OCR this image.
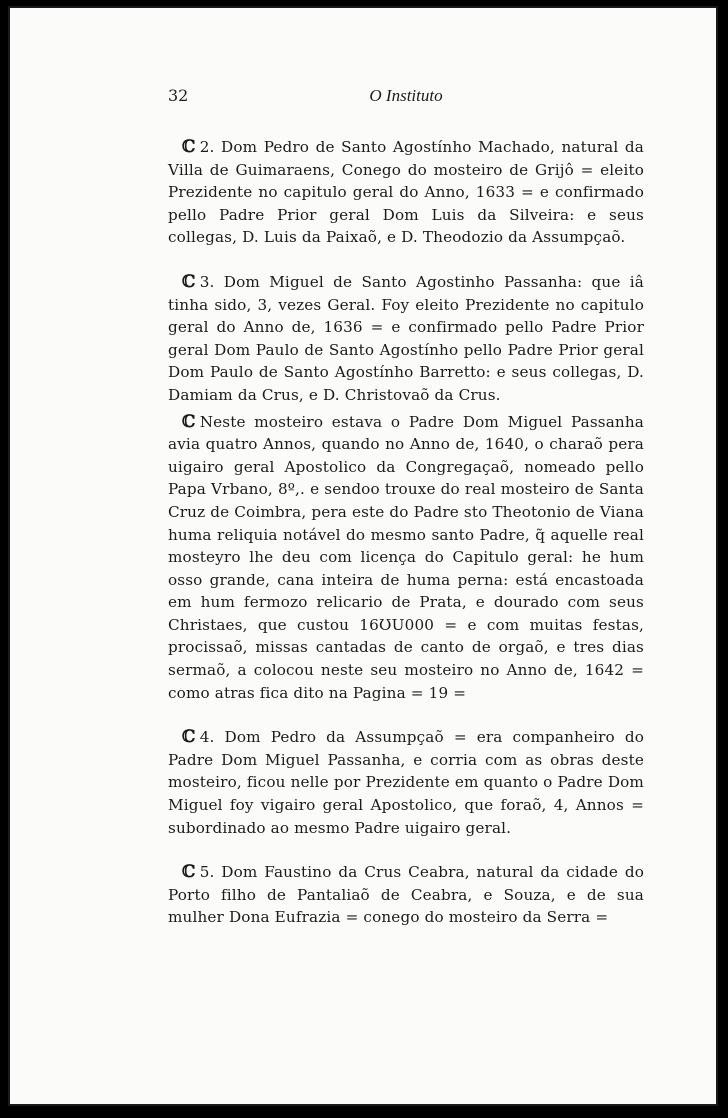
32	O Instituto

ℂ 2. Dom Pedro de Santo Agostínho Machado, natural da Villa de Guimaraens, Conego do mosteiro de Grijô = eleito Prezidente no capitulo geral do Anno, 1633 = e confirmado pello Padre Prior geral Dom Luis da Silveira: e seus collegas, D. Luis da Paixaõ, e D. Theodozio da Assumpçaõ.

ℂ 3. Dom Miguel de Santo Agostinho Passanha: que iâ tinha sido, 3, vezes Geral. Foy eleito Prezidente no capitulo geral do Anno de, 1636 = e confirmado pello Padre Prior geral Dom Paulo de Santo Agostínho pello Padre Prior geral Dom Paulo de Santo Agostínho Barretto: e seus collegas, D. Damiam da Crus, e D. Christovaõ da Crus.

ℂ Neste mosteiro estava o Padre Dom Miguel Passanha avia quatro Annos, quando no Anno de, 1640, o charaõ pera uigairo geral Apostolico da Congregaçaõ, nomeado pello Papa Vrbano, 8º,. e sendoo trouxe do real mosteiro de Santa Cruz de Coimbra, pera este do Padre sto Theotonio de Viana huma reliquia notável do mesmo santo Padre, q̃ aquelle real mosteyro lhe deu com licença do Capitulo geral: he hum osso grande, cana inteira de huma perna: está encastoada em hum fermozo relicario de Prata, e dourado com seus Christaes, que custou 16ƱU000 = e com muitas festas, procissaõ, missas cantadas de canto de orgaõ, e tres dias sermaõ, a colocou neste seu mosteiro no Anno de, 1642 = como atras fica dito na Pagina = 19 =

ℂ 4. Dom Pedro da Assumpçaõ = era companheiro do Padre Dom Miguel Passanha, e corria com as obras deste mosteiro, ficou nelle por Prezidente em quanto o Padre Dom Miguel foy vigairo geral Apostolico, que foraõ, 4, Annos = subordinado ao mesmo Padre uigairo geral.

ℂ 5. Dom Faustino da Crus Ceabra, natural da cidade do Porto filho de Pantaliaõ de Ceabra, e Souza, e de sua mulher Dona Eufrazia = conego do mosteiro da Serra =
